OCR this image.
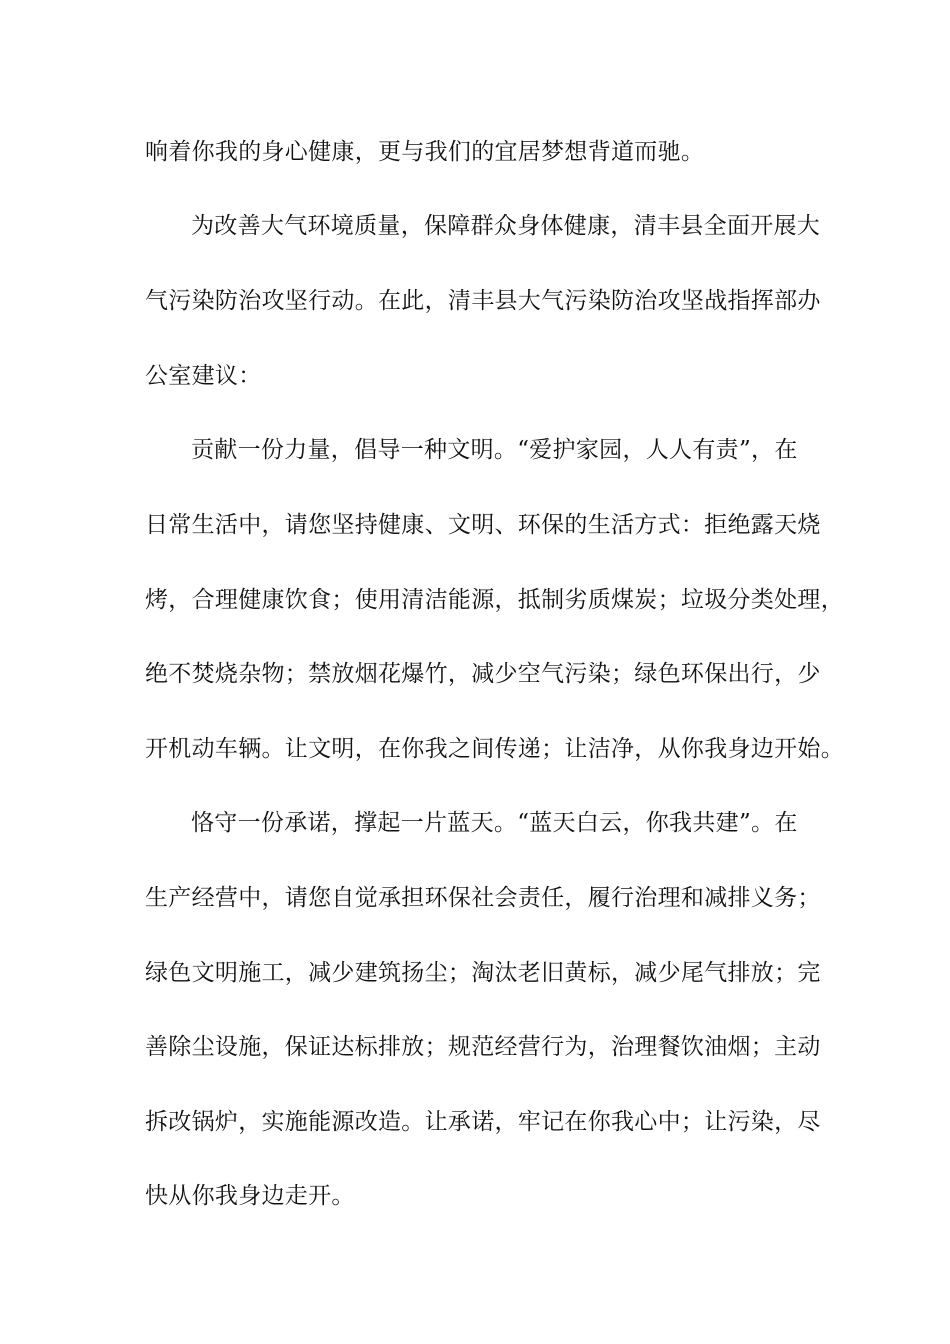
响着你我的身心健康，更与我们的宜居梦想背道而驰。
为改善大气环境质量，保障群众身体健康，清丰县全面开展大
气污染防治攻坚行动。在此，清丰县大气污染防治攻坚战指挥部办
公室建议：
贡献一份力量，倡导一种文明。“爱护家园，人人有责”，在
日常生活中，请您坚持健康、文明、环保的生活方式：拒绝露天烧
烤，合理健康饮食；使用清洁能源，抵制劣质煤炭；垃圾分类处理，
绝不焚烧杂物；禁放烟花爆竹，减少空气污染；绿色环保出行，少
开机动车辆。让文明，在你我之间传递；让洁净，从你我身边开始。
恪守一份承诺，撑起一片蓝天。“蓝天白云，你我共建”。在
生产经营中，请您自觉承担环保社会责任，履行治理和减排义务；
绿色文明施工，减少建筑扬尘；淘汰老旧黄标，减少尾气排放；完
善除尘设施，保证达标排放；规范经营行为，治理餐饮油烟；主动
拆改锅炉，实施能源改造。让承诺，牢记在你我心中；让污染，尽
快从你我身边走开。
